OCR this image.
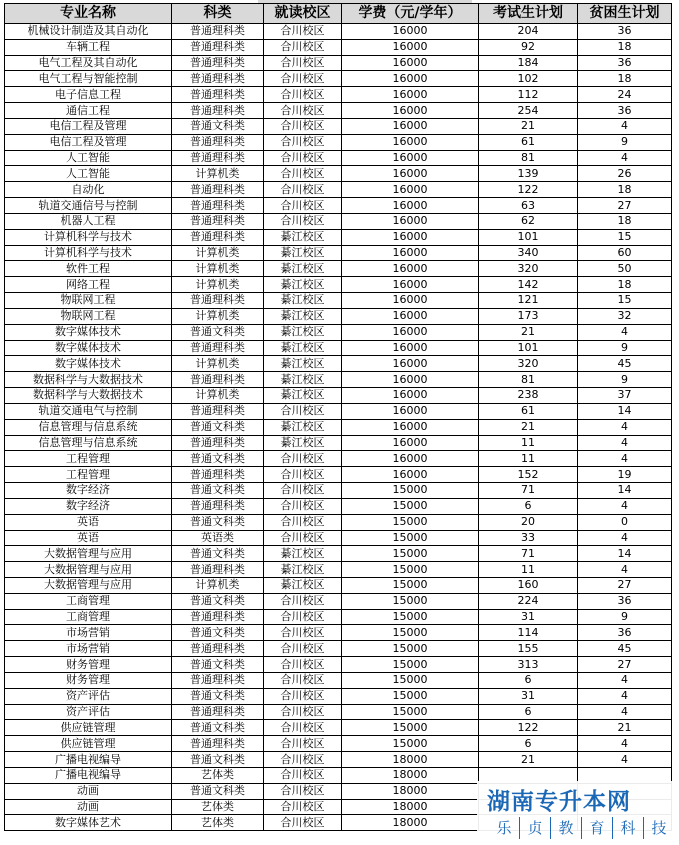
专业名称	科类	就读校区	学费（元/学年）	考试生计划	贫困生计划
机械设计制造及其自动化	普通理科类	合川校区	16000	204	36
车辆工程	普通理科类	合川校区	16000	92	18
电气工程及其自动化	普通理科类	合川校区	16000	184	36
电气工程与智能控制	普通理科类	合川校区	16000	102	18
电子信息工程	普通理科类	合川校区	16000	112	24
通信工程	普通理科类	合川校区	16000	254	36
电信工程及管理	普通文科类	合川校区	16000	21	4
电信工程及管理	普通理科类	合川校区	16000	61	9
人工智能	普通理科类	合川校区	16000	81	4
人工智能	计算机类	合川校区	16000	139	26
自动化	普通理科类	合川校区	16000	122	18
轨道交通信号与控制	普通理科类	合川校区	16000	63	27
机器人工程	普通理科类	合川校区	16000	62	18
计算机科学与技术	普通理科类	綦江校区	16000	101	15
计算机科学与技术	计算机类	綦江校区	16000	340	60
软件工程	计算机类	綦江校区	16000	320	50
网络工程	计算机类	綦江校区	16000	142	18
物联网工程	普通理科类	綦江校区	16000	121	15
物联网工程	计算机类	綦江校区	16000	173	32
数字媒体技术	普通文科类	綦江校区	16000	21	4
数字媒体技术	普通理科类	綦江校区	16000	101	9
数字媒体技术	计算机类	綦江校区	16000	320	45
数据科学与大数据技术	普通理科类	綦江校区	16000	81	9
数据科学与大数据技术	计算机类	綦江校区	16000	238	37
轨道交通电气与控制	普通理科类	合川校区	16000	61	14
信息管理与信息系统	普通文科类	綦江校区	16000	21	4
信息管理与信息系统	普通理科类	綦江校区	16000	11	4
工程管理	普通文科类	合川校区	16000	11	4
工程管理	普通理科类	合川校区	16000	152	19
数字经济	普通文科类	合川校区	15000	71	14
数字经济	普通理科类	合川校区	15000	6	4
英语	普通文科类	合川校区	15000	20	0
英语	英语类	合川校区	15000	33	4
大数据管理与应用	普通文科类	綦江校区	15000	71	14
大数据管理与应用	普通理科类	綦江校区	15000	11	4
大数据管理与应用	计算机类	綦江校区	15000	160	27
工商管理	普通文科类	合川校区	15000	224	36
工商管理	普通理科类	合川校区	15000	31	9
市场营销	普通文科类	合川校区	15000	114	36
市场营销	普通理科类	合川校区	15000	155	45
财务管理	普通文科类	合川校区	15000	313	27
财务管理	普通理科类	合川校区	15000	6	4
资产评估	普通文科类	合川校区	15000	31	4
资产评估	普通理科类	合川校区	15000	6	4
供应链管理	普通文科类	合川校区	15000	122	21
供应链管理	普通理科类	合川校区	15000	6	4
广播电视编导	普通文科类	合川校区	18000	21	4
广播电视编导	艺体类	合川校区	18000		
动画	普通文科类	合川校区	18000		
动画	艺体类	合川校区	18000		
数字媒体艺术	艺体类	合川校区	18000		
湖南专升本网
乐	贞	教	育	科	技
